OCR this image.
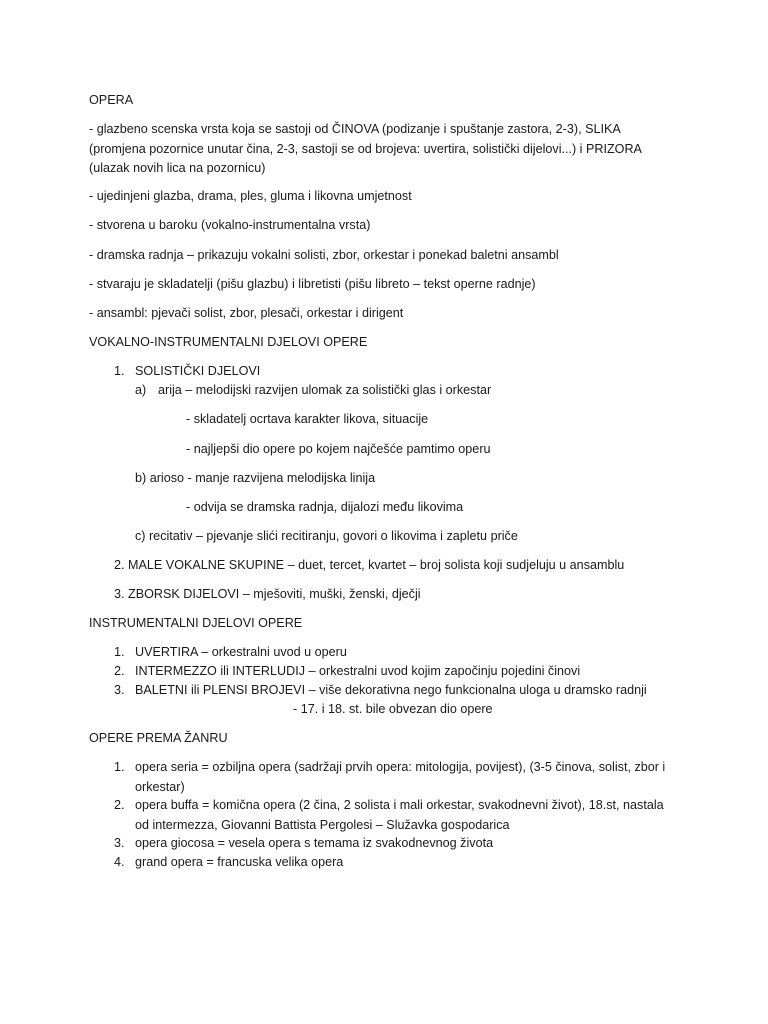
OPERA
- glazbeno scenska vrsta koja se sastoji od ČINOVA (podizanje i spuštanje zastora, 2-3), SLIKA (promjena pozornice unutar čina, 2-3, sastoji se od brojeva: uvertira, solistički dijelovi...) i PRIZORA (ulazak novih lica na pozornicu)
- ujedinjeni glazba, drama, ples, gluma i likovna umjetnost
- stvorena u baroku (vokalno-instrumentalna vrsta)
- dramska radnja – prikazuju vokalni solisti, zbor, orkestar i ponekad baletni ansambl
- stvaraju je skladatelji (pišu glazbu) i libretisti (pišu libreto – tekst operne radnje)
- ansambl: pjevači solist, zbor, plesači, orkestar i dirigent
VOKALNO-INSTRUMENTALNI DJELOVI OPERE
1. SOLISTIČKI DJELOVI
a) arija – melodijski razvijen ulomak za solistički glas i orkestar
- skladatelj ocrtava karakter likova, situacije
- najljepši dio opere po kojem najčešće pamtimo operu
b) arioso - manje razvijena melodijska linija
- odvija se dramska radnja, dijalozi među likovima
c) recitativ – pjevanje slići recitiranju, govori o likovima i zapletu priče
2. MALE VOKALNE SKUPINE – duet, tercet, kvartet – broj solista koji sudjeluju u ansamblu
3. ZBORSK DIJELOVI – mješoviti, muški, ženski, dječji
INSTRUMENTALNI DJELOVI OPERE
1. UVERTIRA – orkestralni uvod u operu
2. INTERMEZZO ili INTERLUDIJ – orkestralni uvod kojim započinju pojedini činovi
3. BALETNI ili PLENSI BROJEVI – više dekorativna nego funkcionalna uloga u dramsko radnji
- 17. i 18. st. bile obvezan dio opere
OPERE PREMA ŽANRU
1. opera seria = ozbiljna opera (sadržaji prvih opera: mitologija, povijest), (3-5 činova, solist, zbor i orkestar)
2. opera buffa = komična opera (2 čina, 2 solista i mali orkestar, svakodnevni život), 18.st, nastala od intermezza, Giovanni Battista Pergolesi – Služavka gospodarica
3. opera giocosa = vesela opera s temama iz svakodnevnog života
4. grand opera = francuska velika opera
